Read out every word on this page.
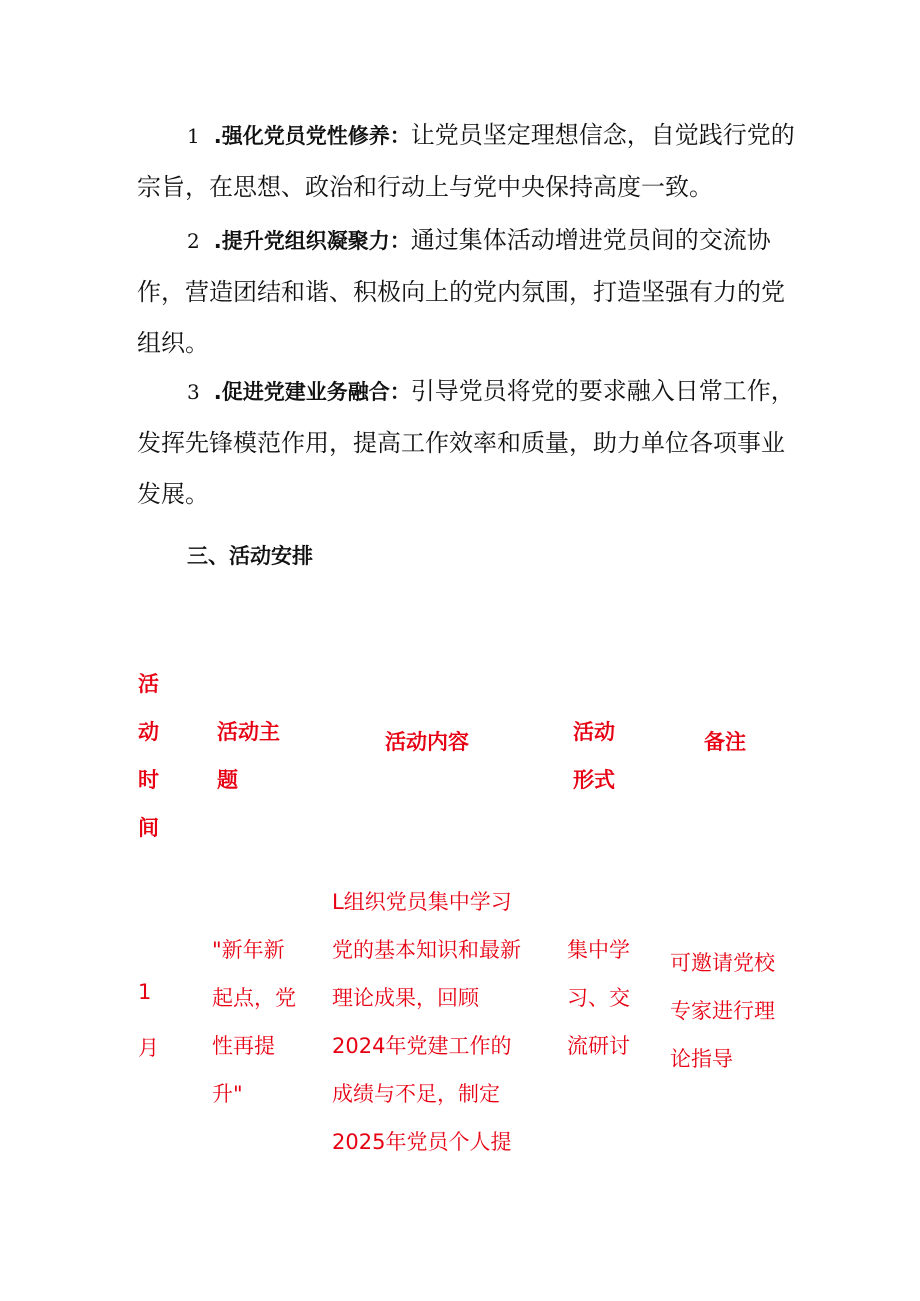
1 .强化党员党性修养：让党员坚定理想信念，自觉践行党的宗旨，在思想、政治和行动上与党中央保持高度一致。

2 .提升党组织凝聚力：通过集体活动增进党员间的交流协作，营造团结和谐、积极向上的党内氛围，打造坚强有力的党组织。

3 .促进党建业务融合：引导党员将党的要求融入日常工作，发挥先锋模范作用，提高工作效率和质量，助力单位各项事业发展。

三、活动安排

活动时间

活动主题

活动内容	活动形式

备注

1月

"新年新起点，党性再提升"

L组织党员集中学习党的基本知识和最新理论成果，回顾2024年党建工作的成绩与不足，制定2025年党员个人提

集中学习、交流研讨

可邀请党校专家进行理论指导
